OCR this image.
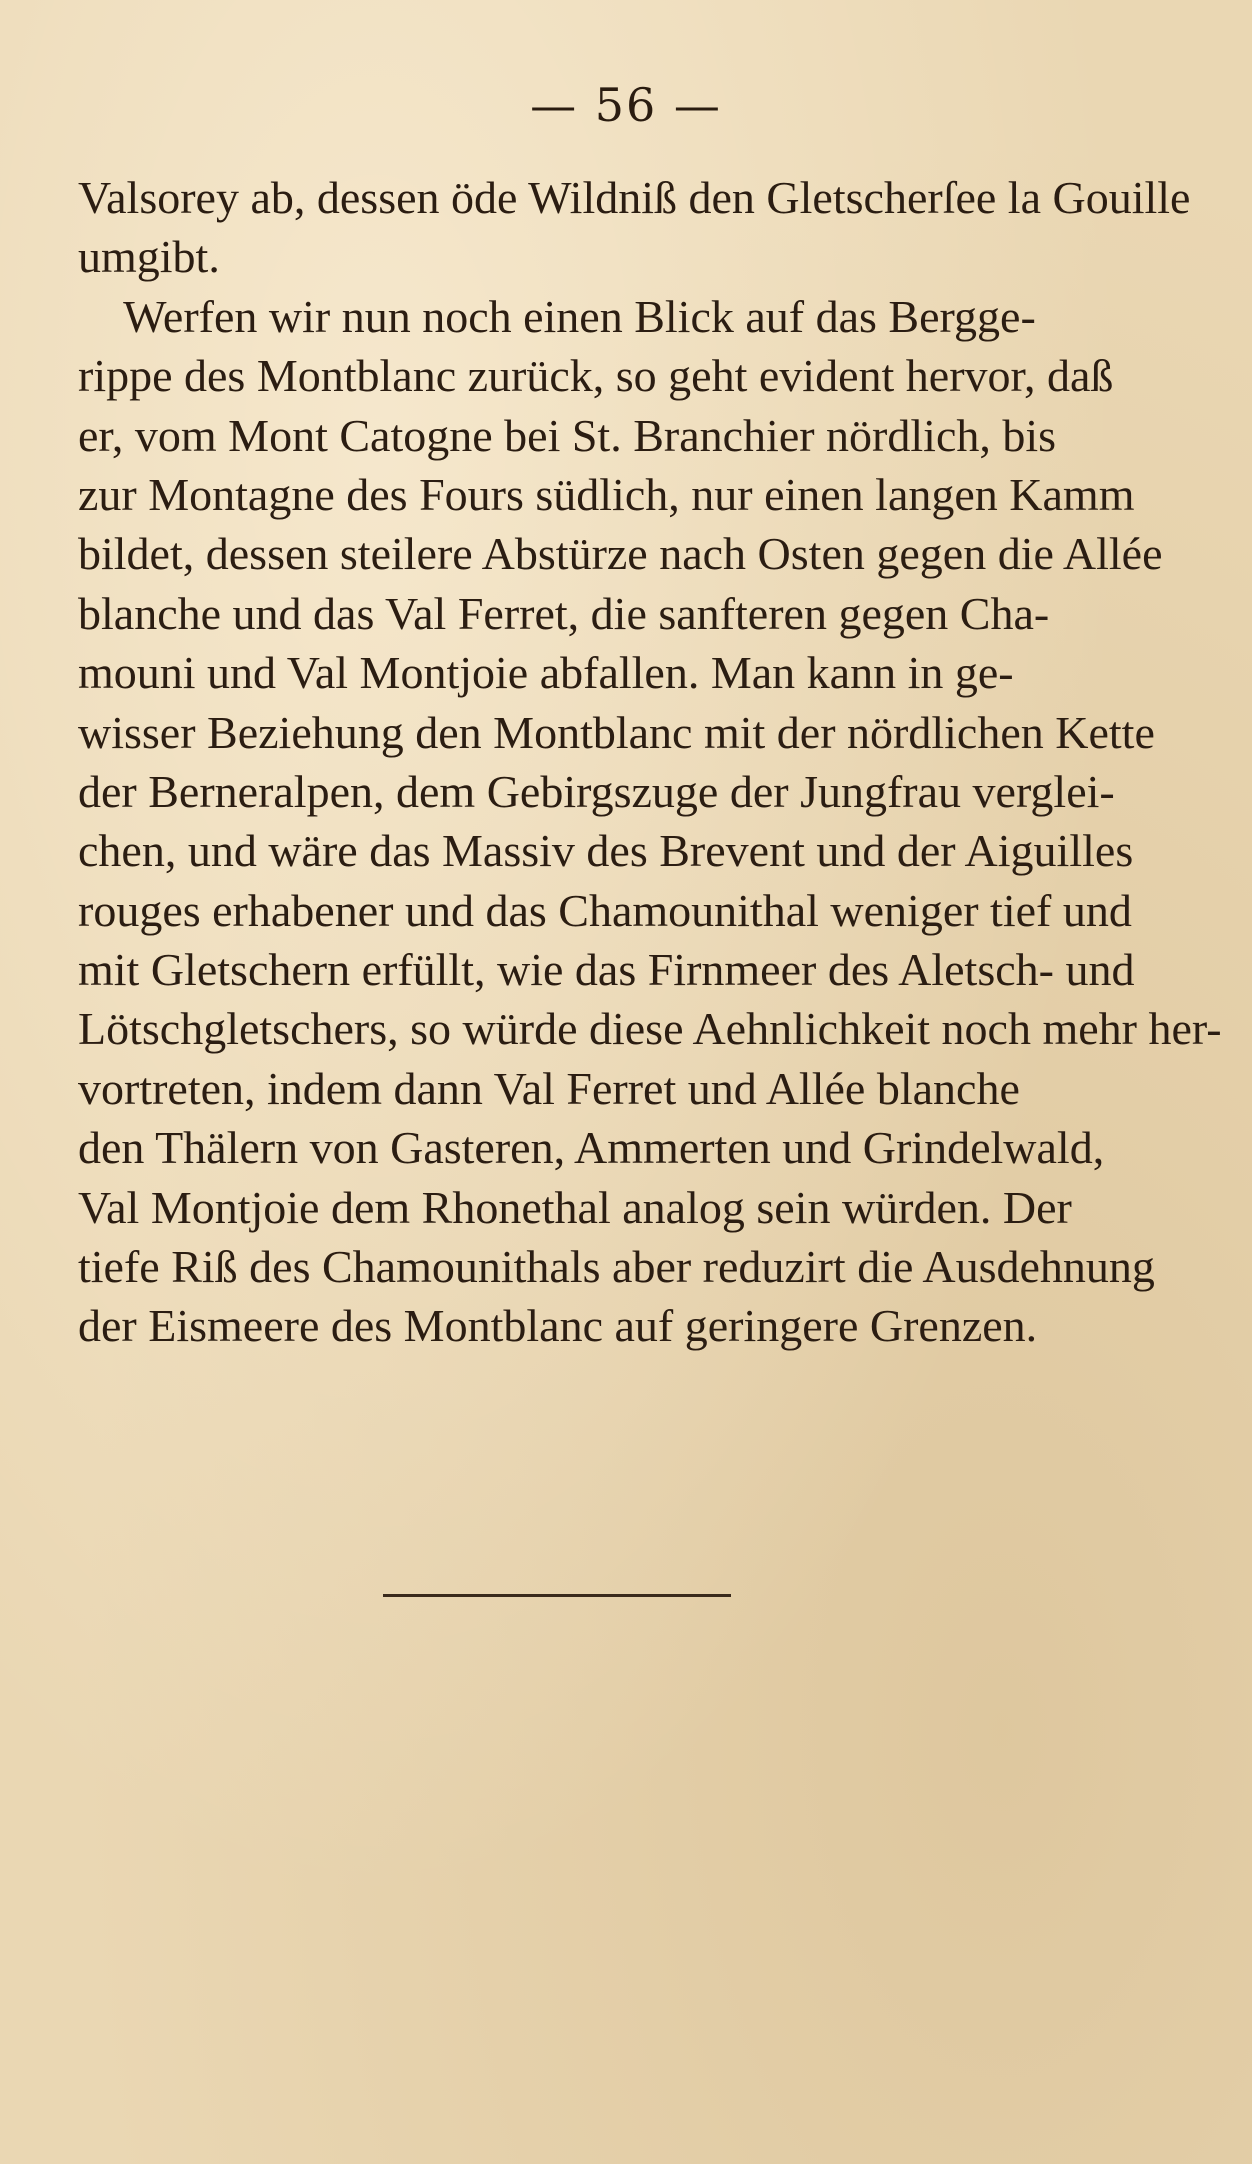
— 56 —
Valsorey ab, dessen öde Wildniß den Gletscherſee la Gouille
umgibt.
Werfen wir nun noch einen Blick auf das Bergge-
rippe des Montblanc zurück, so geht evident hervor, daß
er, vom Mont Catogne bei St. Branchier nördlich, bis
zur Montagne des Fours südlich, nur einen langen Kamm
bildet, dessen steilere Abstürze nach Osten gegen die Allée
blanche und das Val Ferret, die sanfteren gegen Cha-
mouni und Val Montjoie abfallen. Man kann in ge-
wisser Beziehung den Montblanc mit der nördlichen Kette
der Berneralpen, dem Gebirgszuge der Jungfrau verglei-
chen, und wäre das Massiv des Brevent und der Aiguilles
rouges erhabener und das Chamounithal weniger tief und
mit Gletschern erfüllt, wie das Firnmeer des Aletsch- und
Lötschgletschers, so würde diese Aehnlichkeit noch mehr her-
vortreten, indem dann Val Ferret und Allée blanche
den Thälern von Gasteren, Ammerten und Grindelwald,
Val Montjoie dem Rhonethal analog sein würden. Der
tiefe Riß des Chamounithals aber reduzirt die Ausdehnung
der Eismeere des Montblanc auf geringere Grenzen.
